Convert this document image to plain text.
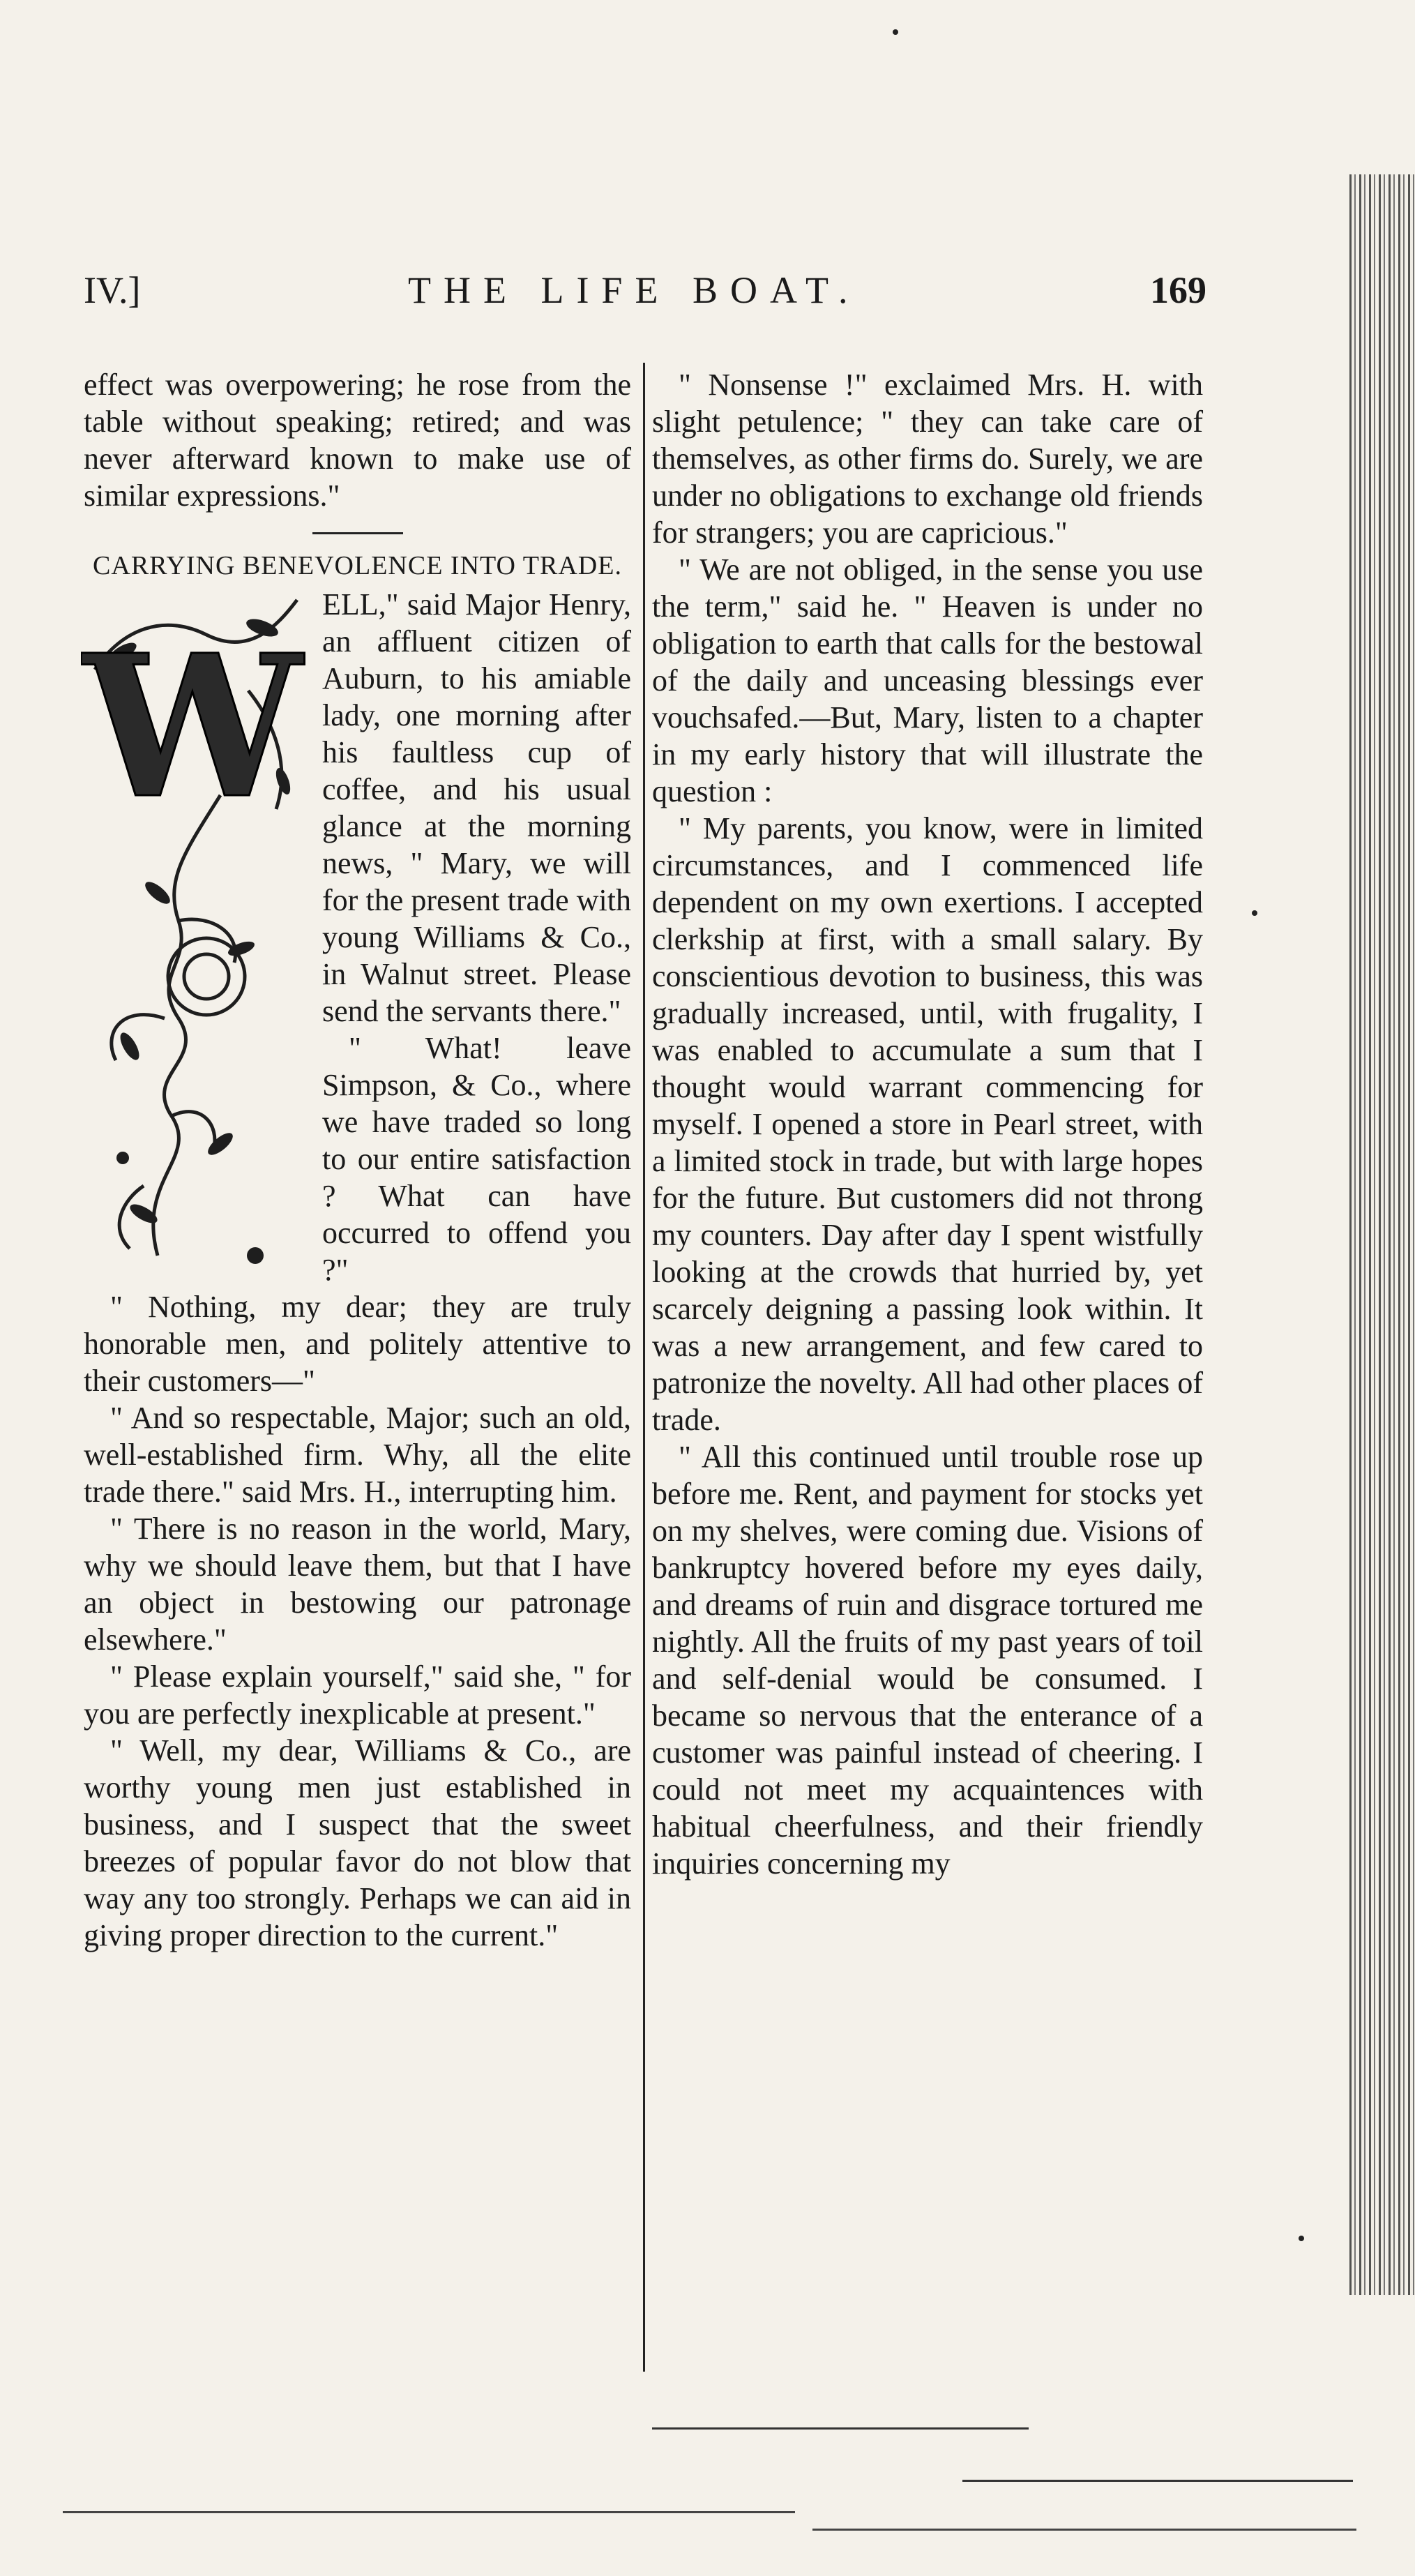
IV.]	THE LIFE BOAT.	169

effect was overpowering; he rose from the table without speaking; retired; and was never afterward known to make use of similar expressions."

CARRYING BENEVOLENCE INTO TRADE.
W

ELL," said Major Henry, an affluent citizen of Auburn, to his amiable lady, one morning after his faultless cup of coffee, and his usual glance at the morning news, " Mary, we will for the present trade with young Williams & Co., in Walnut street. Please send the servants there."

" What! leave Simpson, & Co., where we have traded so long to our entire satisfaction ? What can have occurred to offend you ?"

" Nothing, my dear; they are truly honorable men, and politely attentive to their customers—"

" And so respectable, Major; such an old, well-established firm. Why, all the elite trade there." said Mrs. H., interrupting him.

" There is no reason in the world, Mary, why we should leave them, but that I have an object in bestowing our patronage elsewhere."

" Please explain yourself," said she, " for you are perfectly inexplicable at present."

" Well, my dear, Williams & Co., are worthy young men just established in business, and I suspect that the sweet breezes of popular favor do not blow that way any too strongly. Perhaps we can aid in giving proper direction to the current."

" Nonsense !" exclaimed Mrs. H. with slight petulence; " they can take care of themselves, as other firms do. Surely, we are under no obligations to exchange old friends for strangers; you are capricious."

" We are not obliged, in the sense you use the term," said he. " Heaven is under no obligation to earth that calls for the bestowal of the daily and unceasing blessings ever vouchsafed.—But, Mary, listen to a chapter in my early history that will illustrate the question :

" My parents, you know, were in limited circumstances, and I commenced life dependent on my own exertions. I accepted clerkship at first, with a small salary. By conscientious devotion to business, this was gradually increased, until, with frugality, I was enabled to accumulate a sum that I thought would warrant commencing for myself. I opened a store in Pearl street, with a limited stock in trade, but with large hopes for the future. But customers did not throng my counters. Day after day I spent wistfully looking at the crowds that hurried by, yet scarcely deigning a passing look within. It was a new arrangement, and few cared to patronize the novelty. All had other places of trade.

" All this continued until trouble rose up before me. Rent, and payment for stocks yet on my shelves, were coming due. Visions of bankruptcy hovered before my eyes daily, and dreams of ruin and disgrace tortured me nightly. All the fruits of my past years of toil and self-denial would be consumed. I became so nervous that the enterance of a customer was painful instead of cheering. I could not meet my acquaintences with habitual cheerfulness, and their friendly inquiries concerning my
